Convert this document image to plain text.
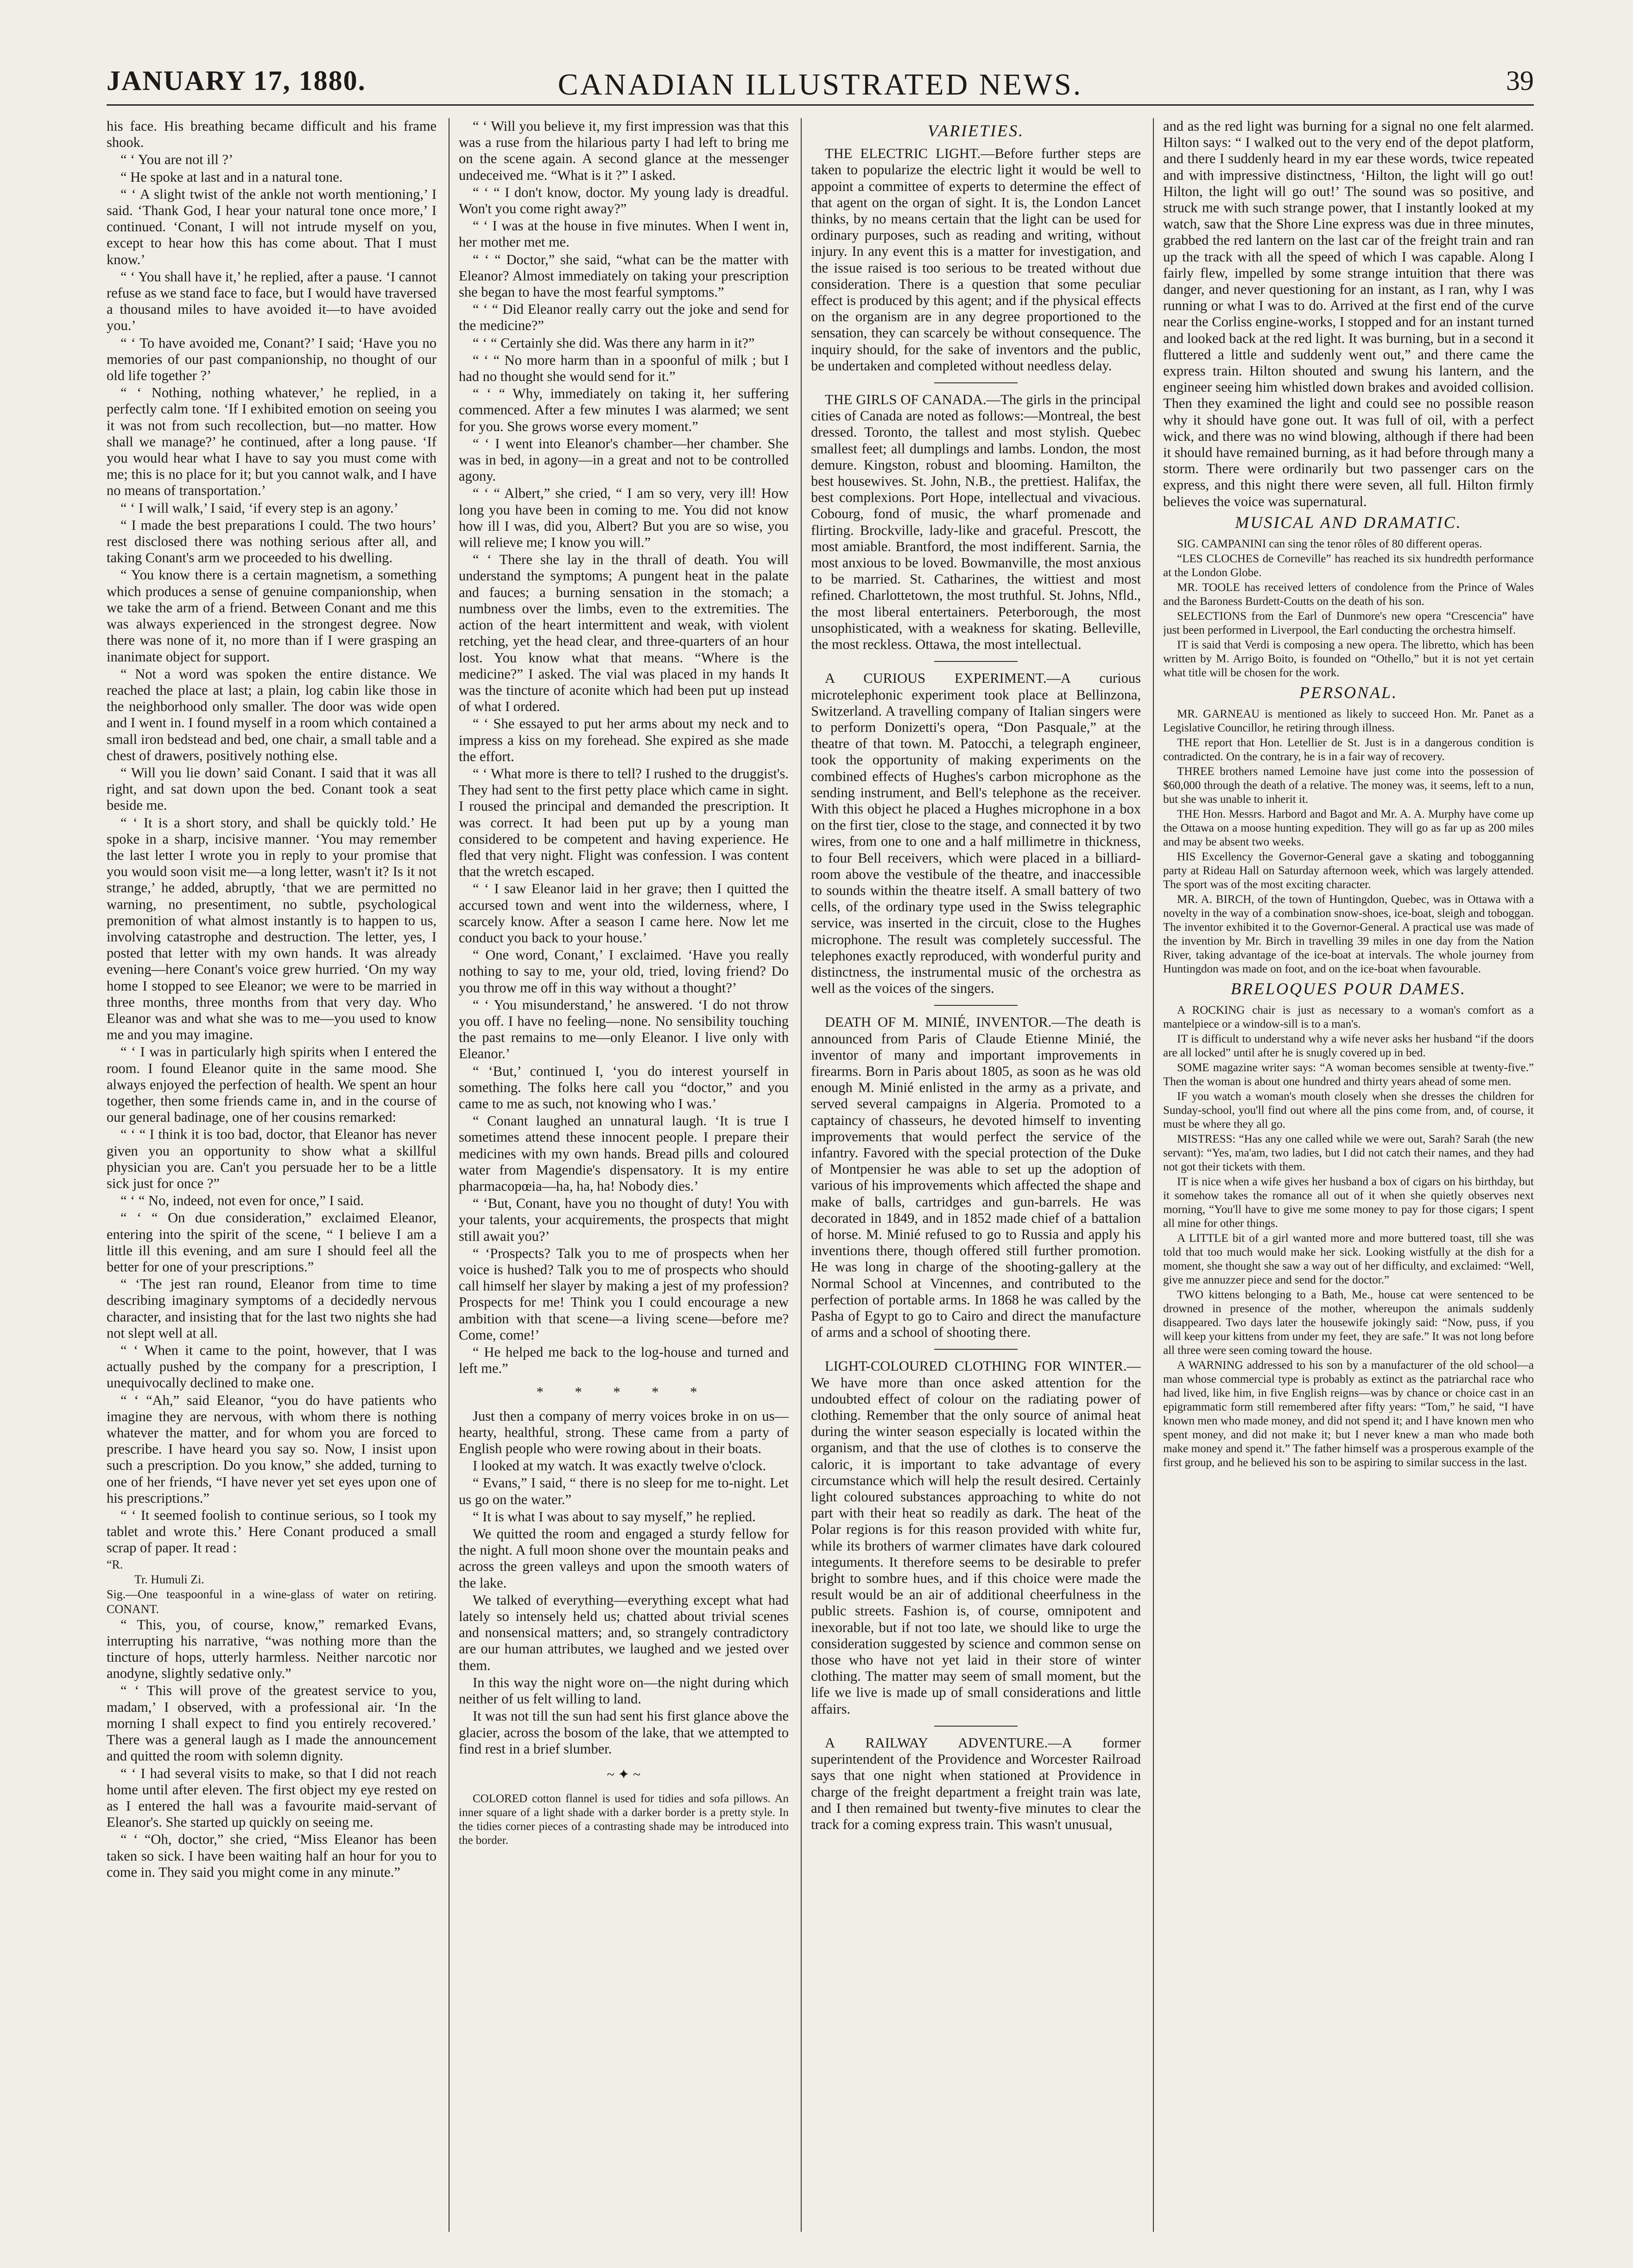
JANUARY 17, 1880.	CANADIAN ILLUSTRATED NEWS.	39

his face. His breathing became difficult and his frame shook.

“ ‘ You are not ill ?’

“ He spoke at last and in a natural tone.

“ ‘ A slight twist of the ankle not worth mentioning,’ I said. ‘Thank God, I hear your natural tone once more,’ I continued. ‘Conant, I will not intrude myself on you, except to hear how this has come about. That I must know.’

“ ‘ You shall have it,’ he replied, after a pause. ‘I cannot refuse as we stand face to face, but I would have traversed a thousand miles to have avoided it—to have avoided you.’

“ ‘ To have avoided me, Conant?’ I said; ‘Have you no memories of our past companionship, no thought of our old life together ?’

“ ‘ Nothing, nothing whatever,’ he replied, in a perfectly calm tone. ‘If I exhibited emotion on seeing you it was not from such recollection, but—no matter. How shall we manage?’ he continued, after a long pause. ‘If you would hear what I have to say you must come with me; this is no place for it; but you cannot walk, and I have no means of transportation.’

“ ‘ I will walk,’ I said, ‘if every step is an agony.’

“ I made the best preparations I could. The two hours’ rest disclosed there was nothing serious after all, and taking Conant's arm we proceeded to his dwelling.

“ You know there is a certain magnetism, a something which produces a sense of genuine companionship, when we take the arm of a friend. Between Conant and me this was always experienced in the strongest degree. Now there was none of it, no more than if I were grasping an inanimate object for support.

“ Not a word was spoken the entire distance. We reached the place at last; a plain, log cabin like those in the neighborhood only smaller. The door was wide open and I went in. I found myself in a room which contained a small iron bedstead and bed, one chair, a small table and a chest of drawers, positively nothing else.

“ Will you lie down’ said Conant. I said that it was all right, and sat down upon the bed. Conant took a seat beside me.

“ ‘ It is a short story, and shall be quickly told.’ He spoke in a sharp, incisive manner. ‘You may remember the last letter I wrote you in reply to your promise that you would soon visit me—a long letter, wasn't it? Is it not strange,’ he added, abruptly, ‘that we are permitted no warning, no presentiment, no subtle, psychological premonition of what almost instantly is to happen to us, involving catastrophe and destruction. The letter, yes, I posted that letter with my own hands. It was already evening—here Conant's voice grew hurried. ‘On my way home I stopped to see Eleanor; we were to be married in three months, three months from that very day. Who Eleanor was and what she was to me—you used to know me and you may imagine.

“ ‘ I was in particularly high spirits when I entered the room. I found Eleanor quite in the same mood. She always enjoyed the perfection of health. We spent an hour together, then some friends came in, and in the course of our general badinage, one of her cousins remarked:

“ ‘ “ I think it is too bad, doctor, that Eleanor has never given you an opportunity to show what a skillful physician you are. Can't you persuade her to be a little sick just for once ?”

“ ‘ “ No, indeed, not even for once,” I said.

“ ‘ “ On due consideration,” exclaimed Eleanor, entering into the spirit of the scene, “ I believe I am a little ill this evening, and am sure I should feel all the better for one of your prescriptions.”

“ ‘The jest ran round, Eleanor from time to time describing imaginary symptoms of a decidedly nervous character, and insisting that for the last two nights she had not slept well at all.

“ ‘ When it came to the point, however, that I was actually pushed by the company for a prescription, I unequivocally declined to make one.

“ ‘ “Ah,” said Eleanor, “you do have patients who imagine they are nervous, with whom there is nothing whatever the matter, and for whom you are forced to prescribe. I have heard you say so. Now, I insist upon such a prescription. Do you know,” she added, turning to one of her friends, “I have never yet set eyes upon one of his prescriptions.”

“ ‘ It seemed foolish to continue serious, so I took my tablet and wrote this.’ Here Conant produced a small scrap of paper. It read :

“R.
Tr. Humuli Zi.
Sig.—One teaspoonful in a wine-glass of water on retiring. CONANT.

“ This, you, of course, know,” remarked Evans, interrupting his narrative, “was nothing more than the tincture of hops, utterly harmless. Neither narcotic nor anodyne, slightly sedative only.”

“ ‘ This will prove of the greatest service to you, madam,’ I observed, with a professional air. ‘In the morning I shall expect to find you entirely recovered.’ There was a general laugh as I made the announcement and quitted the room with solemn dignity.

“ ‘ I had several visits to make, so that I did not reach home until after eleven. The first object my eye rested on as I entered the hall was a favourite maid-servant of Eleanor's. She started up quickly on seeing me.

“ ‘ “Oh, doctor,” she cried, “Miss Eleanor has been taken so sick. I have been waiting half an hour for you to come in. They said you might come in any minute.”

“ ‘ Will you believe it, my first impression was that this was a ruse from the hilarious party I had left to bring me on the scene again. A second glance at the messenger undeceived me. “What is it ?” I asked.

“ ‘ “ I don't know, doctor. My young lady is dreadful. Won't you come right away?”

“ ‘ I was at the house in five minutes. When I went in, her mother met me.

“ ‘ “ Doctor,” she said, “what can be the matter with Eleanor? Almost immediately on taking your prescription she began to have the most fearful symptoms.”

“ ‘ “ Did Eleanor really carry out the joke and send for the medicine?”

“ ‘ “ Certainly she did. Was there any harm in it?”

“ ‘ “ No more harm than in a spoonful of milk ; but I had no thought she would send for it.”

“ ‘ “ Why, immediately on taking it, her suffering commenced. After a few minutes I was alarmed; we sent for you. She grows worse every moment.”

“ ‘ I went into Eleanor's chamber—her chamber. She was in bed, in agony—in a great and not to be controlled agony.

“ ‘ “ Albert,” she cried, “ I am so very, very ill! How long you have been in coming to me. You did not know how ill I was, did you, Albert? But you are so wise, you will relieve me; I know you will.”

“ ‘ There she lay in the thrall of death. You will understand the symptoms; A pungent heat in the palate and fauces; a burning sensation in the stomach; a numbness over the limbs, even to the extremities. The action of the heart intermittent and weak, with violent retching, yet the head clear, and three-quarters of an hour lost. You know what that means. “Where is the medicine?” I asked. The vial was placed in my hands It was the tincture of aconite which had been put up instead of what I ordered.

“ ‘ She essayed to put her arms about my neck and to impress a kiss on my forehead. She expired as she made the effort.

“ ‘ What more is there to tell? I rushed to the druggist's. They had sent to the first petty place which came in sight. I roused the principal and demanded the prescription. It was correct. It had been put up by a young man considered to be competent and having experience. He fled that very night. Flight was confession. I was content that the wretch escaped.

“ ‘ I saw Eleanor laid in her grave; then I quitted the accursed town and went into the wilderness, where, I scarcely know. After a season I came here. Now let me conduct you back to your house.’

“ One word, Conant,’ I exclaimed. ‘Have you really nothing to say to me, your old, tried, loving friend? Do you throw me off in this way without a thought?’

“ ‘ You misunderstand,’ he answered. ‘I do not throw you off. I have no feeling—none. No sensibility touching the past remains to me—only Eleanor. I live only with Eleanor.’

“ ‘But,’ continued I, ‘you do interest yourself in something. The folks here call you “doctor,” and you came to me as such, not knowing who I was.’

“ Conant laughed an unnatural laugh. ‘It is true I sometimes attend these innocent people. I prepare their medicines with my own hands. Bread pills and coloured water from Magendie's dispensatory. It is my entire pharmacopœia—ha, ha, ha! Nobody dies.’

“ ‘But, Conant, have you no thought of duty! You with your talents, your acquirements, the prospects that might still await you?’

“ ‘Prospects? Talk you to me of prospects when her voice is hushed? Talk you to me of prospects who should call himself her slayer by making a jest of my profession? Prospects for me! Think you I could encourage a new ambition with that scene—a living scene—before me? Come, come!’

“ He helped me back to the log-house and turned and left me.”

* * * * *

Just then a company of merry voices broke in on us—hearty, healthful, strong. These came from a party of English people who were rowing about in their boats.

I looked at my watch. It was exactly twelve o'clock.

“ Evans,” I said, “ there is no sleep for me to-night. Let us go on the water.”

“ It is what I was about to say myself,” he replied.

We quitted the room and engaged a sturdy fellow for the night. A full moon shone over the mountain peaks and across the green valleys and upon the smooth waters of the lake.

We talked of everything—everything except what had lately so intensely held us; chatted about trivial scenes and nonsensical matters; and, so strangely contradictory are our human attributes, we laughed and we jested over them.

In this way the night wore on—the night during which neither of us felt willing to land.

It was not till the sun had sent his first glance above the glacier, across the bosom of the lake, that we attempted to find rest in a brief slumber.

~ ✦ ~

COLORED cotton flannel is used for tidies and sofa pillows. An inner square of a light shade with a darker border is a pretty style. In the tidies corner pieces of a contrasting shade may be introduced into the border.

VARIETIES.

THE ELECTRIC LIGHT.—Before further steps are taken to popularize the electric light it would be well to appoint a committee of experts to determine the effect of that agent on the organ of sight. It is, the London Lancet thinks, by no means certain that the light can be used for ordinary purposes, such as reading and writing, without injury. In any event this is a matter for investigation, and the issue raised is too serious to be treated without due consideration. There is a question that some peculiar effect is produced by this agent; and if the physical effects on the organism are in any degree proportioned to the sensation, they can scarcely be without consequence. The inquiry should, for the sake of inventors and the public, be undertaken and completed without needless delay.

THE GIRLS OF CANADA.—The girls in the principal cities of Canada are noted as follows:—Montreal, the best dressed. Toronto, the tallest and most stylish. Quebec smallest feet; all dumplings and lambs. London, the most demure. Kingston, robust and blooming. Hamilton, the best housewives. St. John, N.B., the prettiest. Halifax, the best complexions. Port Hope, intellectual and vivacious. Cobourg, fond of music, the wharf promenade and flirting. Brockville, lady-like and graceful. Prescott, the most amiable. Brantford, the most indifferent. Sarnia, the most anxious to be loved. Bowmanville, the most anxious to be married. St. Catharines, the wittiest and most refined. Charlottetown, the most truthful. St. Johns, Nfld., the most liberal entertainers. Peterborough, the most unsophisticated, with a weakness for skating. Belleville, the most reckless. Ottawa, the most intellectual.

A CURIOUS EXPERIMENT.—A curious microtelephonic experiment took place at Bellinzona, Switzerland. A travelling company of Italian singers were to perform Donizetti's opera, “Don Pasquale,” at the theatre of that town. M. Patocchi, a telegraph engineer, took the opportunity of making experiments on the combined effects of Hughes's carbon microphone as the sending instrument, and Bell's telephone as the receiver. With this object he placed a Hughes microphone in a box on the first tier, close to the stage, and connected it by two wires, from one to one and a half millimetre in thickness, to four Bell receivers, which were placed in a billiard-room above the vestibule of the theatre, and inaccessible to sounds within the theatre itself. A small battery of two cells, of the ordinary type used in the Swiss telegraphic service, was inserted in the circuit, close to the Hughes microphone. The result was completely successful. The telephones exactly reproduced, with wonderful purity and distinctness, the instrumental music of the orchestra as well as the voices of the singers.

DEATH OF M. MINIÉ, INVENTOR.—The death is announced from Paris of Claude Etienne Minié, the inventor of many and important improvements in firearms. Born in Paris about 1805, as soon as he was old enough M. Minié enlisted in the army as a private, and served several campaigns in Algeria. Promoted to a captaincy of chasseurs, he devoted himself to inventing improvements that would perfect the service of the infantry. Favored with the special protection of the Duke of Montpensier he was able to set up the adoption of various of his improvements which affected the shape and make of balls, cartridges and gun-barrels. He was decorated in 1849, and in 1852 made chief of a battalion of horse. M. Minié refused to go to Russia and apply his inventions there, though offered still further promotion. He was long in charge of the shooting-gallery at the Normal School at Vincennes, and contributed to the perfection of portable arms. In 1868 he was called by the Pasha of Egypt to go to Cairo and direct the manufacture of arms and a school of shooting there.

LIGHT-COLOURED CLOTHING FOR WINTER.—We have more than once asked attention for the undoubted effect of colour on the radiating power of clothing. Remember that the only source of animal heat during the winter season especially is located within the organism, and that the use of clothes is to conserve the caloric, it is important to take advantage of every circumstance which will help the result desired. Certainly light coloured substances approaching to white do not part with their heat so readily as dark. The heat of the Polar regions is for this reason provided with white fur, while its brothers of warmer climates have dark coloured integuments. It therefore seems to be desirable to prefer bright to sombre hues, and if this choice were made the result would be an air of additional cheerfulness in the public streets. Fashion is, of course, omnipotent and inexorable, but if not too late, we should like to urge the consideration suggested by science and common sense on those who have not yet laid in their store of winter clothing. The matter may seem of small moment, but the life we live is made up of small considerations and little affairs.

A RAILWAY ADVENTURE.—A former superintendent of the Providence and Worcester Railroad says that one night when stationed at Providence in charge of the freight department a freight train was late, and I then remained but twenty-five minutes to clear the track for a coming express train. This wasn't unusual,

and as the red light was burning for a signal no one felt alarmed. Hilton says: “ I walked out to the very end of the depot platform, and there I suddenly heard in my ear these words, twice repeated and with impressive distinctness, ‘Hilton, the light will go out! Hilton, the light will go out!’ The sound was so positive, and struck me with such strange power, that I instantly looked at my watch, saw that the Shore Line express was due in three minutes, grabbed the red lantern on the last car of the freight train and ran up the track with all the speed of which I was capable. Along I fairly flew, impelled by some strange intuition that there was danger, and never questioning for an instant, as I ran, why I was running or what I was to do. Arrived at the first end of the curve near the Corliss engine-works, I stopped and for an instant turned and looked back at the red light. It was burning, but in a second it fluttered a little and suddenly went out,” and there came the express train. Hilton shouted and swung his lantern, and the engineer seeing him whistled down brakes and avoided collision. Then they examined the light and could see no possible reason why it should have gone out. It was full of oil, with a perfect wick, and there was no wind blowing, although if there had been it should have remained burning, as it had before through many a storm. There were ordinarily but two passenger cars on the express, and this night there were seven, all full. Hilton firmly believes the voice was supernatural.

MUSICAL AND DRAMATIC.

SIG. CAMPANINI can sing the tenor rôles of 80 different operas.

“LES CLOCHES de Corneville” has reached its six hundredth performance at the London Globe.

MR. TOOLE has received letters of condolence from the Prince of Wales and the Baroness Burdett-Coutts on the death of his son.

SELECTIONS from the Earl of Dunmore's new opera “Crescencia” have just been performed in Liverpool, the Earl conducting the orchestra himself.

IT is said that Verdi is composing a new opera. The libretto, which has been written by M. Arrigo Boito, is founded on “Othello,” but it is not yet certain what title will be chosen for the work.

PERSONAL.

MR. GARNEAU is mentioned as likely to succeed Hon. Mr. Panet as a Legislative Councillor, he retiring through illness.

THE report that Hon. Letellier de St. Just is in a dangerous condition is contradicted. On the contrary, he is in a fair way of recovery.

THREE brothers named Lemoine have just come into the possession of $60,000 through the death of a relative. The money was, it seems, left to a nun, but she was unable to inherit it.

THE Hon. Messrs. Harbord and Bagot and Mr. A. A. Murphy have come up the Ottawa on a moose hunting expedition. They will go as far up as 200 miles and may be absent two weeks.

HIS Excellency the Governor-General gave a skating and tobogganning party at Rideau Hall on Saturday afternoon week, which was largely attended. The sport was of the most exciting character.

MR. A. BIRCH, of the town of Huntingdon, Quebec, was in Ottawa with a novelty in the way of a combination snow-shoes, ice-boat, sleigh and toboggan. The inventor exhibited it to the Governor-General. A practical use was made of the invention by Mr. Birch in travelling 39 miles in one day from the Nation River, taking advantage of the ice-boat at intervals. The whole journey from Huntingdon was made on foot, and on the ice-boat when favourable.

BRELOQUES POUR DAMES.

A ROCKING chair is just as necessary to a woman's comfort as a mantelpiece or a window-sill is to a man's.

IT is difficult to understand why a wife never asks her husband “if the doors are all locked” until after he is snugly covered up in bed.

SOME magazine writer says: “A woman becomes sensible at twenty-five.” Then the woman is about one hundred and thirty years ahead of some men.

IF you watch a woman's mouth closely when she dresses the children for Sunday-school, you'll find out where all the pins come from, and, of course, it must be where they all go.

MISTRESS: “Has any one called while we were out, Sarah? Sarah (the new servant): “Yes, ma'am, two ladies, but I did not catch their names, and they had not got their tickets with them.

IT is nice when a wife gives her husband a box of cigars on his birthday, but it somehow takes the romance all out of it when she quietly observes next morning, “You'll have to give me some money to pay for those cigars; I spent all mine for other things.

A LITTLE bit of a girl wanted more and more buttered toast, till she was told that too much would make her sick. Looking wistfully at the dish for a moment, she thought she saw a way out of her difficulty, and exclaimed: “Well, give me annuzzer piece and send for the doctor.”

TWO kittens belonging to a Bath, Me., house cat were sentenced to be drowned in presence of the mother, whereupon the animals suddenly disappeared. Two days later the housewife jokingly said: “Now, puss, if you will keep your kittens from under my feet, they are safe.” It was not long before all three were seen coming toward the house.

A WARNING addressed to his son by a manufacturer of the old school—a man whose commercial type is probably as extinct as the patriarchal race who had lived, like him, in five English reigns—was by chance or choice cast in an epigrammatic form still remembered after fifty years: “Tom,” he said, “I have known men who made money, and did not spend it; and I have known men who spent money, and did not make it; but I never knew a man who made both make money and spend it.” The father himself was a prosperous example of the first group, and he believed his son to be aspiring to similar success in the last.
